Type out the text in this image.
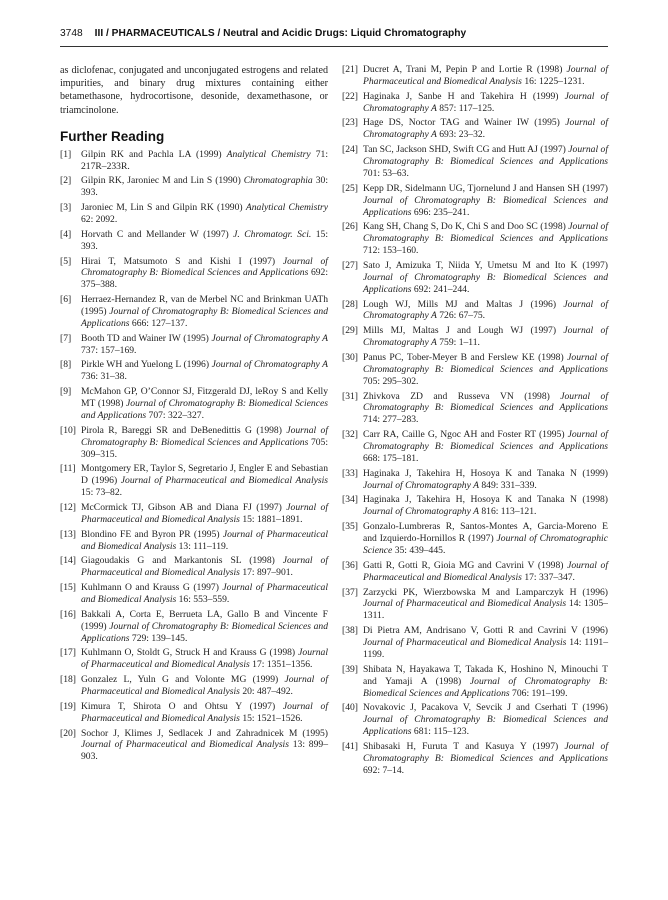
3748 III / PHARMACEUTICALS / Neutral and Acidic Drugs: Liquid Chromatography

as diclofenac, conjugated and unconjugated estrogens and related impurities, and binary drug mixtures containing either betamethasone, hydrocortisone, desonide, dexamethasone, or triamcinolone.

Further Reading
[1] Gilpin RK and Pachla LA (1999) Analytical Chemistry 71: 217R–233R.
[2] Gilpin RK, Jaroniec M and Lin S (1990) Chromatographia 30: 393.
[3] Jaroniec M, Lin S and Gilpin RK (1990) Analytical Chemistry 62: 2092.
[4] Horvath C and Mellander W (1997) J. Chromatogr. Sci. 15: 393.
[5] Hirai T, Matsumoto S and Kishi I (1997) Journal of Chromatography B: Biomedical Sciences and Applications 692: 375–388.
[6] Herraez-Hernandez R, van de Merbel NC and Brinkman UATh (1995) Journal of Chromatography B: Biomedical Sciences and Applications 666: 127–137.
[7] Booth TD and Wainer IW (1995) Journal of Chromatography A 737: 157–169.
[8] Pirkle WH and Yuelong L (1996) Journal of Chromatography A 736: 31–38.
[9] McMahon GP, O’Connor SJ, Fitzgerald DJ, leRoy S and Kelly MT (1998) Journal of Chromatography B: Biomedical Sciences and Applications 707: 322–327.
[10] Pirola R, Bareggi SR and DeBenedittis G (1998) Journal of Chromatography B: Biomedical Sciences and Applications 705: 309–315.
[11] Montgomery ER, Taylor S, Segretario J, Engler E and Sebastian D (1996) Journal of Pharmaceutical and Biomedical Analysis 15: 73–82.
[12] McCormick TJ, Gibson AB and Diana FJ (1997) Journal of Pharmaceutical and Biomedical Analysis 15: 1881–1891.
[13] Blondino FE and Byron PR (1995) Journal of Pharmaceutical and Biomedical Analysis 13: 111–119.
[14] Giagoudakis G and Markantonis SL (1998) Journal of Pharmaceutical and Biomedical Analysis 17: 897–901.
[15] Kuhlmann O and Krauss G (1997) Journal of Pharmaceutical and Biomedical Analysis 16: 553–559.
[16] Bakkali A, Corta E, Berrueta LA, Gallo B and Vincente F (1999) Journal of Chromatography B: Biomedical Sciences and Applications 729: 139–145.
[17] Kuhlmann O, Stoldt G, Struck H and Krauss G (1998) Journal of Pharmaceutical and Biomedical Analysis 17: 1351–1356.
[18] Gonzalez L, Yuln G and Volonte MG (1999) Journal of Pharmaceutical and Biomedical Analysis 20: 487–492.
[19] Kimura T, Shirota O and Ohtsu Y (1997) Journal of Pharmaceutical and Biomedical Analysis 15: 1521–1526.
[20] Sochor J, Klimes J, Sedlacek J and Zahradnicek M (1995) Journal of Pharmaceutical and Biomedical Analysis 13: 899–903.
[21] Ducret A, Trani M, Pepin P and Lortie R (1998) Journal of Pharmaceutical and Biomedical Analysis 16: 1225–1231.
[22] Haginaka J, Sanbe H and Takehira H (1999) Journal of Chromatography A 857: 117–125.
[23] Hage DS, Noctor TAG and Wainer IW (1995) Journal of Chromatography A 693: 23–32.
[24] Tan SC, Jackson SHD, Swift CG and Hutt AJ (1997) Journal of Chromatography B: Biomedical Sciences and Applications 701: 53–63.
[25] Kepp DR, Sidelmann UG, Tjornelund J and Hansen SH (1997) Journal of Chromatography B: Biomedical Sciences and Applications 696: 235–241.
[26] Kang SH, Chang S, Do K, Chi S and Doo SC (1998) Journal of Chromatography B: Biomedical Sciences and Applications 712: 153–160.
[27] Sato J, Amizuka T, Niida Y, Umetsu M and Ito K (1997) Journal of Chromatography B: Biomedical Sciences and Applications 692: 241–244.
[28] Lough WJ, Mills MJ and Maltas J (1996) Journal of Chromatography A 726: 67–75.
[29] Mills MJ, Maltas J and Lough WJ (1997) Journal of Chromatography A 759: 1–11.
[30] Panus PC, Tober-Meyer B and Ferslew KE (1998) Journal of Chromatography B: Biomedical Sciences and Applications 705: 295–302.
[31] Zhivkova ZD and Russeva VN (1998) Journal of Chromatography B: Biomedical Sciences and Applications 714: 277–283.
[32] Carr RA, Caille G, Ngoc AH and Foster RT (1995) Journal of Chromatography B: Biomedical Sciences and Applications 668: 175–181.
[33] Haginaka J, Takehira H, Hosoya K and Tanaka N (1999) Journal of Chromatography A 849: 331–339.
[34] Haginaka J, Takehira H, Hosoya K and Tanaka N (1998) Journal of Chromatography A 816: 113–121.
[35] Gonzalo-Lumbreras R, Santos-Montes A, Garcia-Moreno E and Izquierdo-Hornillos R (1997) Journal of Chromatographic Science 35: 439–445.
[36] Gatti R, Gotti R, Gioia MG and Cavrini V (1998) Journal of Pharmaceutical and Biomedical Analysis 17: 337–347.
[37] Zarzycki PK, Wierzbowska M and Lamparczyk H (1996) Journal of Pharmaceutical and Biomedical Analysis 14: 1305–1311.
[38] Di Pietra AM, Andrisano V, Gotti R and Cavrini V (1996) Journal of Pharmaceutical and Biomedical Analysis 14: 1191–1199.
[39] Shibata N, Hayakawa T, Takada K, Hoshino N, Minouchi T and Yamaji A (1998) Journal of Chromatography B: Biomedical Sciences and Applications 706: 191–199.
[40] Novakovic J, Pacakova V, Sevcik J and Cserhati T (1996) Journal of Chromatography B: Biomedical Sciences and Applications 681: 115–123.
[41] Shibasaki H, Furuta T and Kasuya Y (1997) Journal of Chromatography B: Biomedical Sciences and Applications 692: 7–14.
